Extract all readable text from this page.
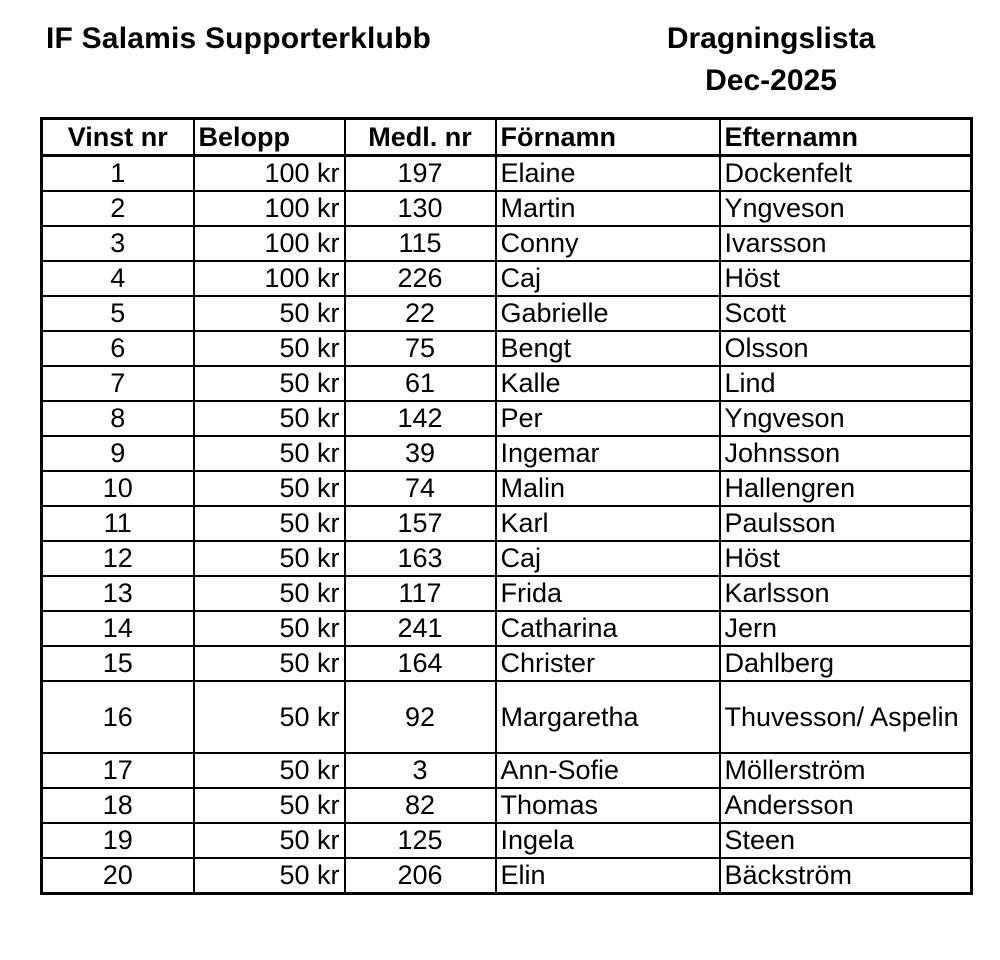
IF Salamis Supporterklubb	Dragningslista
Dec-2025
Vinst nr	Belopp	Medl. nr	Förnamn	Efternamn
1	100 kr	197	Elaine	Dockenfelt
2	100 kr	130	Martin	Yngveson
3	100 kr	115	Conny	Ivarsson
4	100 kr	226	Caj	Höst
5	50 kr	22	Gabrielle	Scott
6	50 kr	75	Bengt	Olsson
7	50 kr	61	Kalle	Lind
8	50 kr	142	Per	Yngveson
9	50 kr	39	Ingemar	Johnsson
10	50 kr	74	Malin	Hallengren
11	50 kr	157	Karl	Paulsson
12	50 kr	163	Caj	Höst
13	50 kr	117	Frida	Karlsson
14	50 kr	241	Catharina	Jern
15	50 kr	164	Christer	Dahlberg
16	50 kr	92	Margaretha	Thuvesson/ Aspelin
17	50 kr	3	Ann-Sofie	Möllerström
18	50 kr	82	Thomas	Andersson
19	50 kr	125	Ingela	Steen
20	50 kr	206	Elin	Bäckström
